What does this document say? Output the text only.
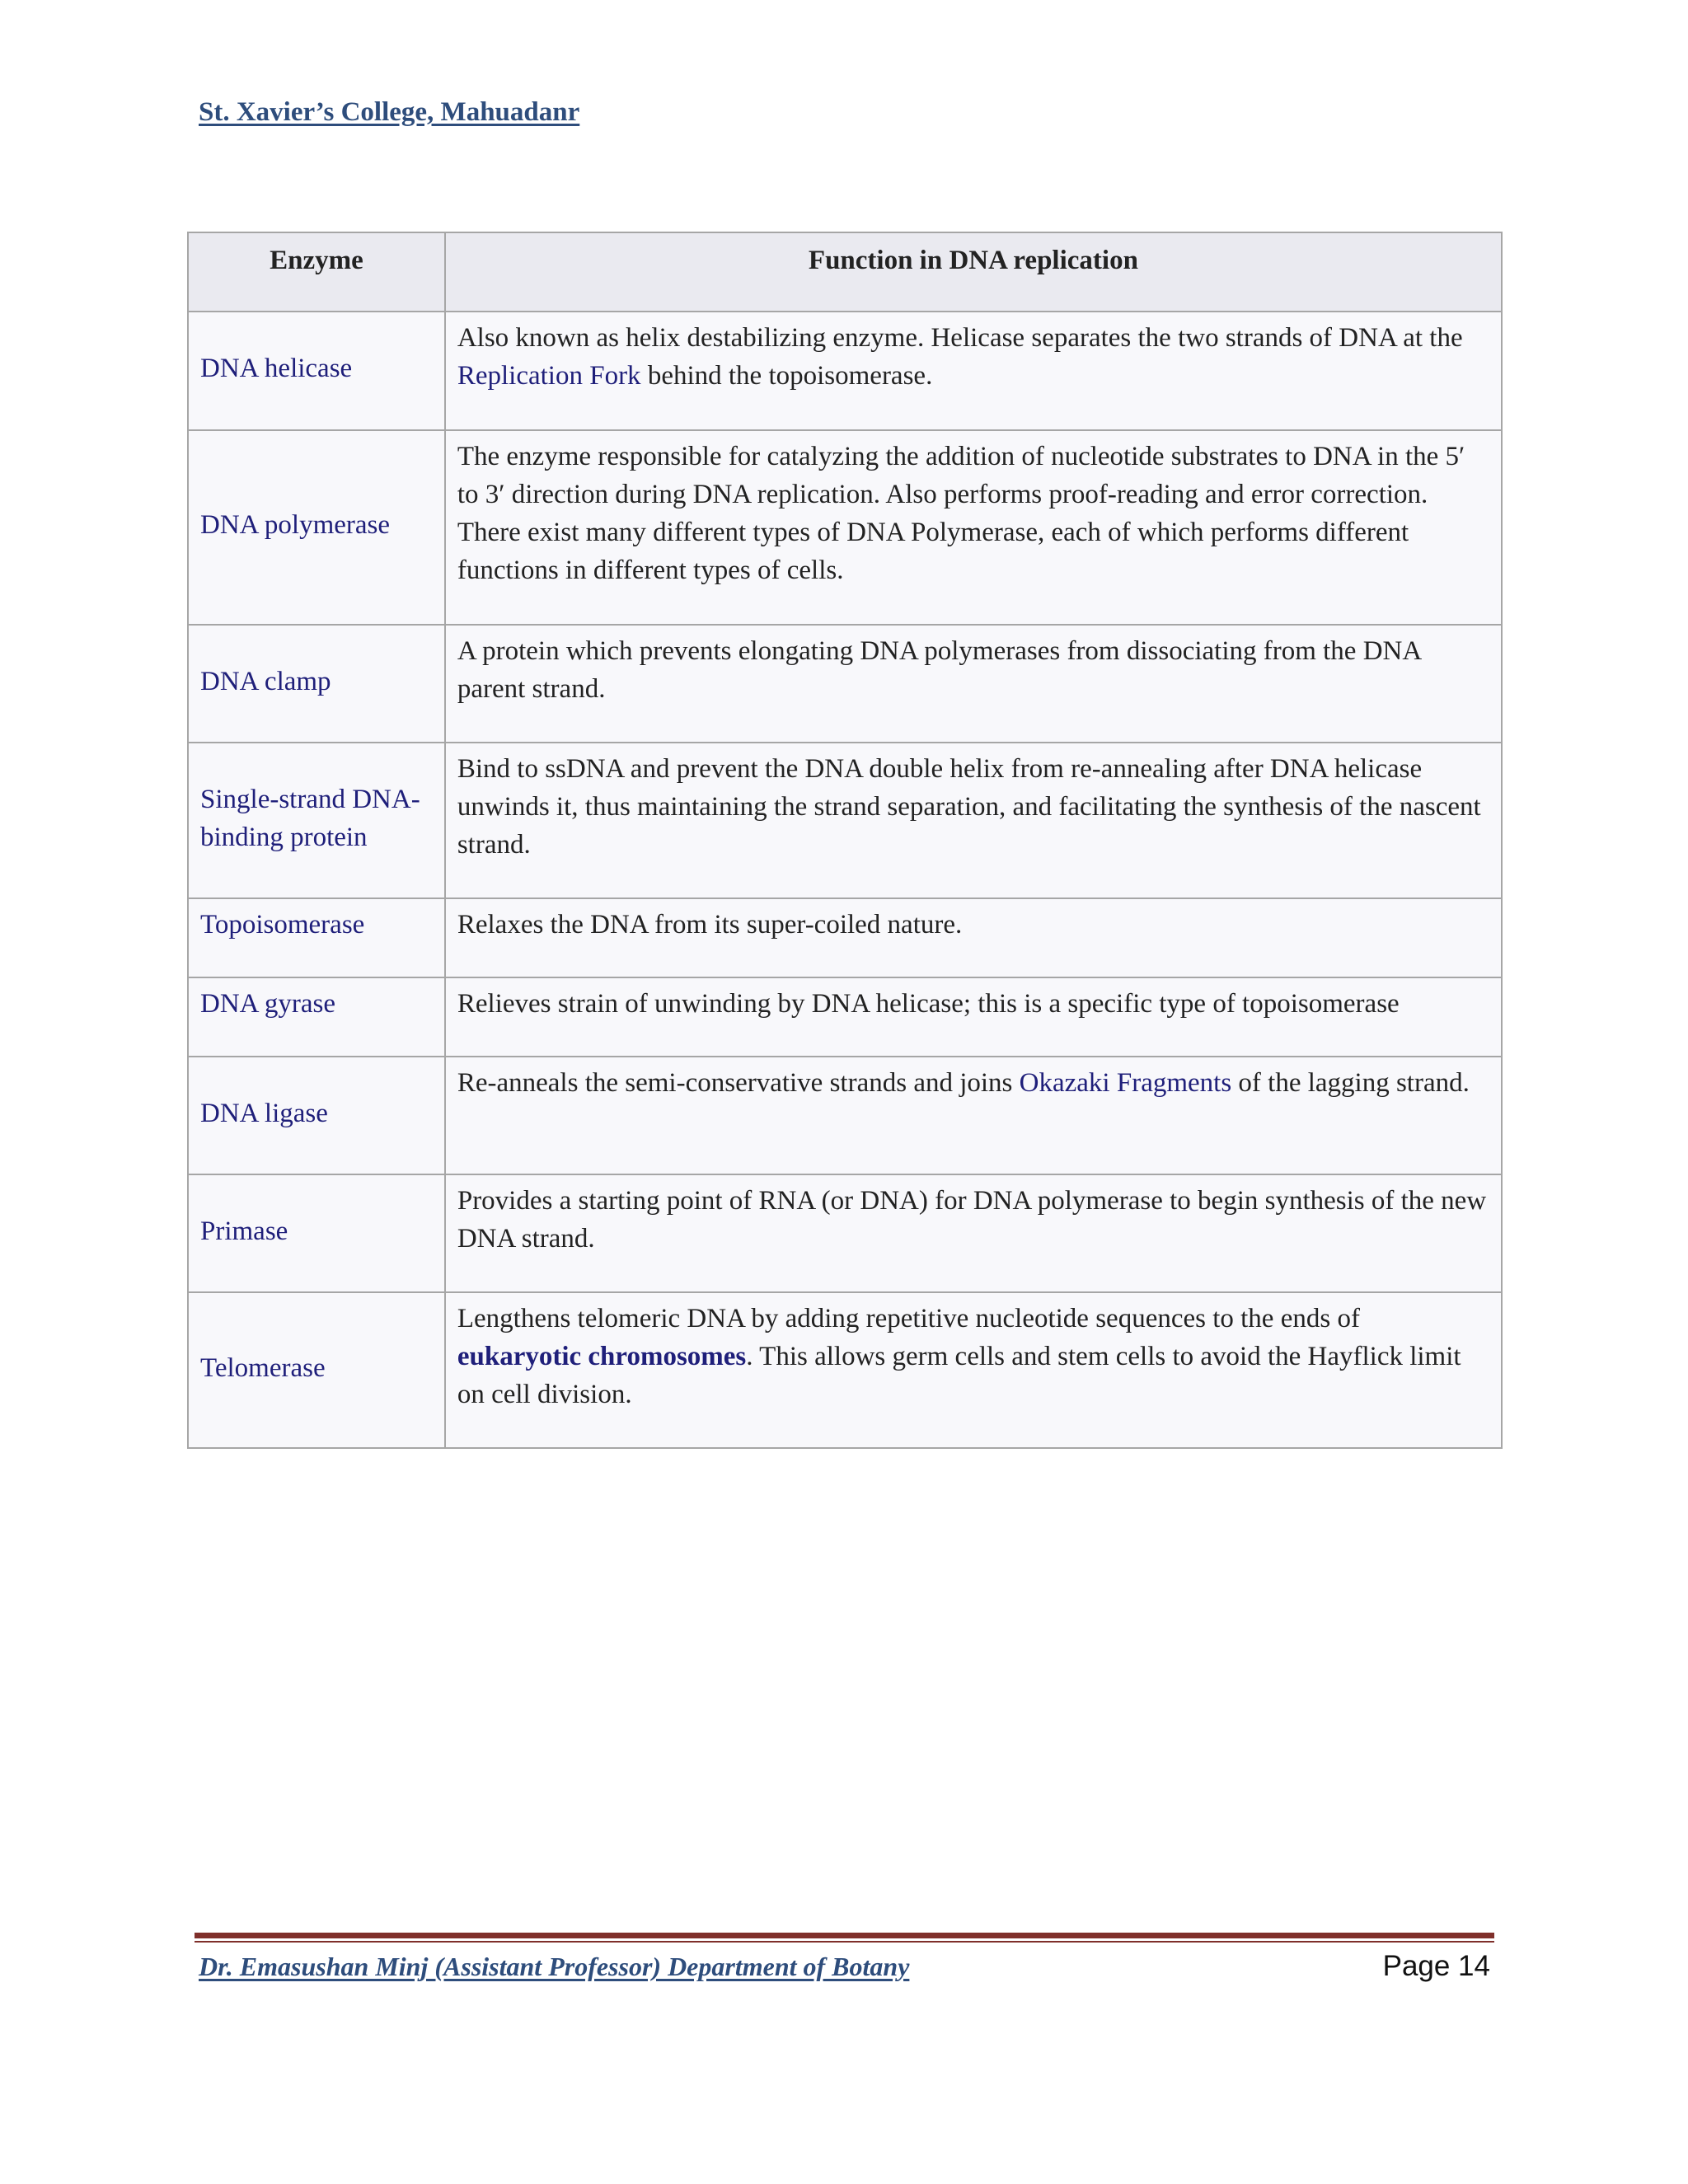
St. Xavier’s College, Mahuadanr
Enzyme	Function in DNA replication
DNA helicase	Also known as helix destabilizing enzyme. Helicase separates the two strands of DNA at the Replication Fork behind the topoisomerase.
DNA polymerase	The enzyme responsible for catalyzing the addition of nucleotide substrates to DNA in the 5′ to 3′ direction during DNA replication. Also performs proof-reading and error correction. There exist many different types of DNA Polymerase, each of which performs different functions in different types of cells.
DNA clamp	A protein which prevents elongating DNA polymerases from dissociating from the DNA parent strand.
Single-strand DNA-binding protein	Bind to ssDNA and prevent the DNA double helix from re-annealing after DNA helicase unwinds it, thus maintaining the strand separation, and facilitating the synthesis of the nascent strand.
Topoisomerase	Relaxes the DNA from its super-coiled nature.
DNA gyrase	Relieves strain of unwinding by DNA helicase; this is a specific type of topoisomerase
DNA ligase	Re-anneals the semi-conservative strands and joins Okazaki Fragments of the lagging strand.
Primase	Provides a starting point of RNA (or DNA) for DNA polymerase to begin synthesis of the new DNA strand.
Telomerase	Lengthens telomeric DNA by adding repetitive nucleotide sequences to the ends of eukaryotic chromosomes. This allows germ cells and stem cells to avoid the Hayflick limit on cell division.
Dr. Emasushan Minj (Assistant Professor) Department of Botany	Page 14
